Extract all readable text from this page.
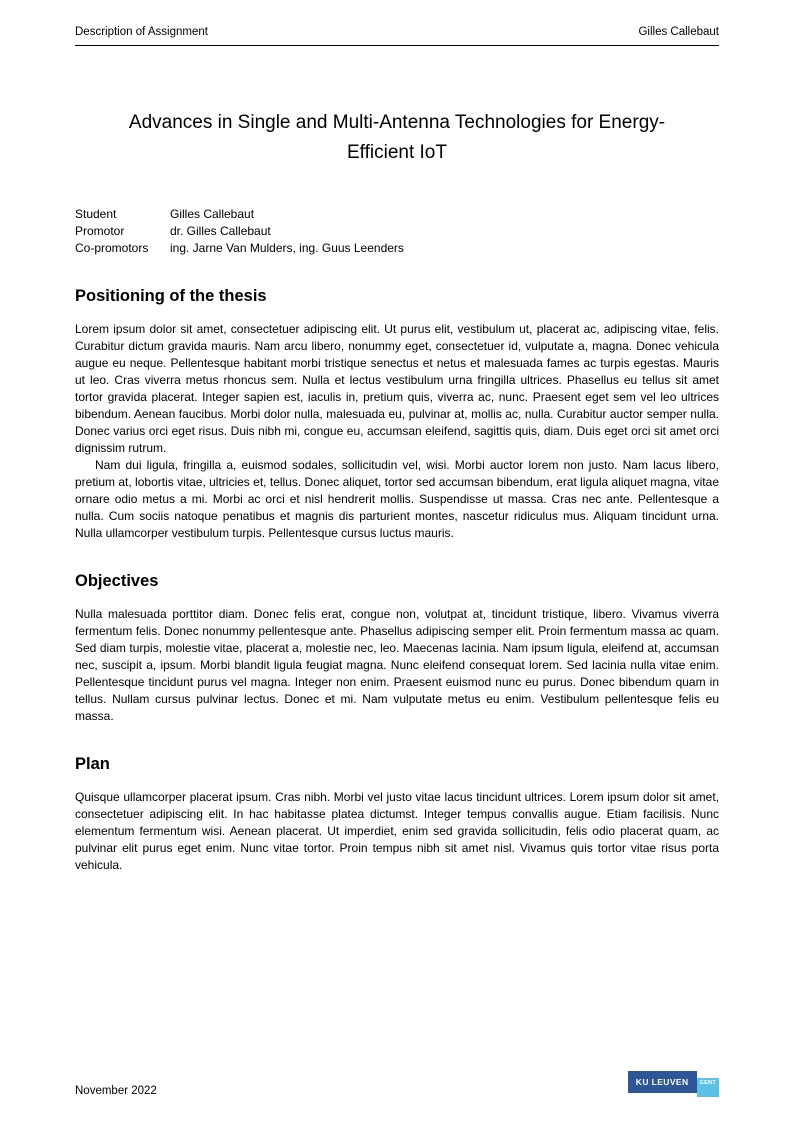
Description of Assignment	Gilles Callebaut
Advances in Single and Multi-Antenna Technologies for Energy-Efficient IoT
Student	Gilles Callebaut
Promotor	dr. Gilles Callebaut
Co-promotors	ing. Jarne Van Mulders, ing. Guus Leenders
Positioning of the thesis

Lorem ipsum dolor sit amet, consectetuer adipiscing elit. Ut purus elit, vestibulum ut, placerat ac, adipiscing vitae, felis. Curabitur dictum gravida mauris. Nam arcu libero, nonummy eget, consectetuer id, vulputate a, magna. Donec vehicula augue eu neque. Pellentesque habitant morbi tristique senectus et netus et malesuada fames ac turpis egestas. Mauris ut leo. Cras viverra metus rhoncus sem. Nulla et lectus vestibulum urna fringilla ultrices. Phasellus eu tellus sit amet tortor gravida placerat. Integer sapien est, iaculis in, pretium quis, viverra ac, nunc. Praesent eget sem vel leo ultrices bibendum. Aenean faucibus. Morbi dolor nulla, malesuada eu, pulvinar at, mollis ac, nulla. Curabitur auctor semper nulla. Donec varius orci eget risus. Duis nibh mi, congue eu, accumsan eleifend, sagittis quis, diam. Duis eget orci sit amet orci dignissim rutrum.

Nam dui ligula, fringilla a, euismod sodales, sollicitudin vel, wisi. Morbi auctor lorem non justo. Nam lacus libero, pretium at, lobortis vitae, ultricies et, tellus. Donec aliquet, tortor sed accumsan bibendum, erat ligula aliquet magna, vitae ornare odio metus a mi. Morbi ac orci et nisl hendrerit mollis. Suspendisse ut massa. Cras nec ante. Pellentesque a nulla. Cum sociis natoque penatibus et magnis dis parturient montes, nascetur ridiculus mus. Aliquam tincidunt urna. Nulla ullamcorper vestibulum turpis. Pellentesque cursus luctus mauris.

Objectives

Nulla malesuada porttitor diam. Donec felis erat, congue non, volutpat at, tincidunt tristique, libero. Vivamus viverra fermentum felis. Donec nonummy pellentesque ante. Phasellus adipiscing semper elit. Proin fermentum massa ac quam. Sed diam turpis, molestie vitae, placerat a, molestie nec, leo. Maecenas lacinia. Nam ipsum ligula, eleifend at, accumsan nec, suscipit a, ipsum. Morbi blandit ligula feugiat magna. Nunc eleifend consequat lorem. Sed lacinia nulla vitae enim. Pellentesque tincidunt purus vel magna. Integer non enim. Praesent euismod nunc eu purus. Donec bibendum quam in tellus. Nullam cursus pulvinar lectus. Donec et mi. Nam vulputate metus eu enim. Vestibulum pellentesque felis eu massa.

Plan

Quisque ullamcorper placerat ipsum. Cras nibh. Morbi vel justo vitae lacus tincidunt ultrices. Lorem ipsum dolor sit amet, consectetuer adipiscing elit. In hac habitasse platea dictumst. Integer tempus convallis augue. Etiam facilisis. Nunc elementum fermentum wisi. Aenean placerat. Ut imperdiet, enim sed gravida sollicitudin, felis odio placerat quam, ac pulvinar elit purus eget enim. Nunc vitae tortor. Proin tempus nibh sit amet nisl. Vivamus quis tortor vitae risus porta vehicula.

November 2022
KU LEUVEN	GENT
